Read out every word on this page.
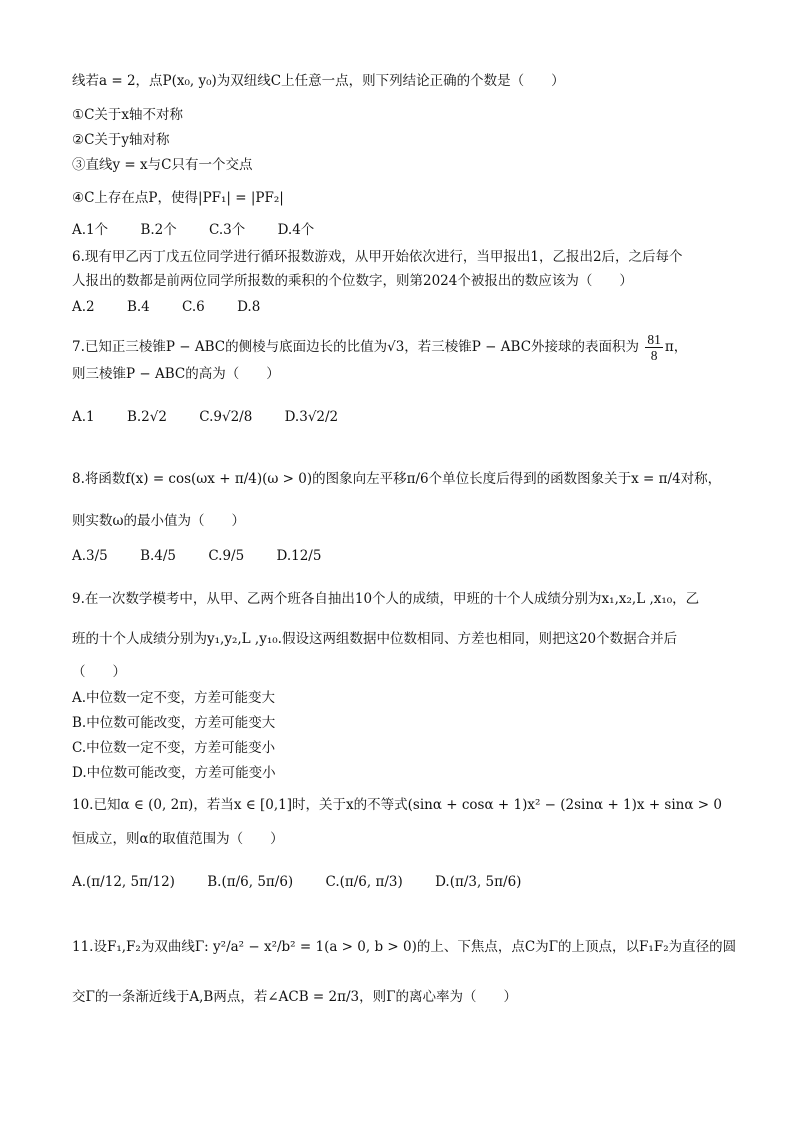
线若a = 2，点P(x₀, y₀)为双纽线C上任意一点，则下列结论正确的个数是（　　）
①C关于x轴不对称
②C关于y轴对称
③直线y = x与C只有一个交点
④C上存在点P，使得|PF₁| = |PF₂|
A.1个 B.2个 C.3个 D.4个
6.现有甲乙丙丁戊五位同学进行循环报数游戏，从甲开始依次进行，当甲报出1，乙报出2后，之后每个
人报出的数都是前两位同学所报数的乘积的个位数字，则第2024个被报出的数应该为（　　）
A.2 B.4 C.6 D.8
7.已知正三棱锥P − ABC的侧棱与底面边长的比值为√3，若三棱锥P − ABC外接球的表面积为 $\frac{81}{8}$ π，
则三棱锥P − ABC的高为（　　）
A.1 B.2√2 C.9√2/8 D.3√2/2
8.将函数f(x) = cos(ωx + π/4)(ω > 0)的图象向左平移π/6个单位长度后得到的函数图象关于x = π/4对称，
则实数ω的最小值为（　　）
A.3/5 B.4/5 C.9/5 D.12/5
9.在一次数学模考中，从甲、乙两个班各自抽出10个人的成绩，甲班的十个人成绩分别为x₁,x₂,L ,x₁₀，乙
班的十个人成绩分别为y₁,y₂,L ,y₁₀.假设这两组数据中位数相同、方差也相同，则把这20个数据合并后
（　　）
A.中位数一定不变，方差可能变大
B.中位数可能改变，方差可能变大
C.中位数一定不变，方差可能变小
D.中位数可能改变，方差可能变小
10.已知α ∈ (0, 2π)，若当x ∈ [0,1]时，关于x的不等式(sinα + cosα + 1)x² − (2sinα + 1)x + sinα > 0
恒成立，则α的取值范围为（　　）
A.(π/12, 5π/12) B.(π/6, 5π/6) C.(π/6, π/3) D.(π/3, 5π/6)
11.设F₁,F₂为双曲线Γ: y²/a² − x²/b² = 1(a > 0, b > 0)的上、下焦点，点C为Γ的上顶点，以F₁F₂为直径的圆
交Γ的一条渐近线于A,B两点，若∠ACB = 2π/3，则Γ的离心率为（　　）
